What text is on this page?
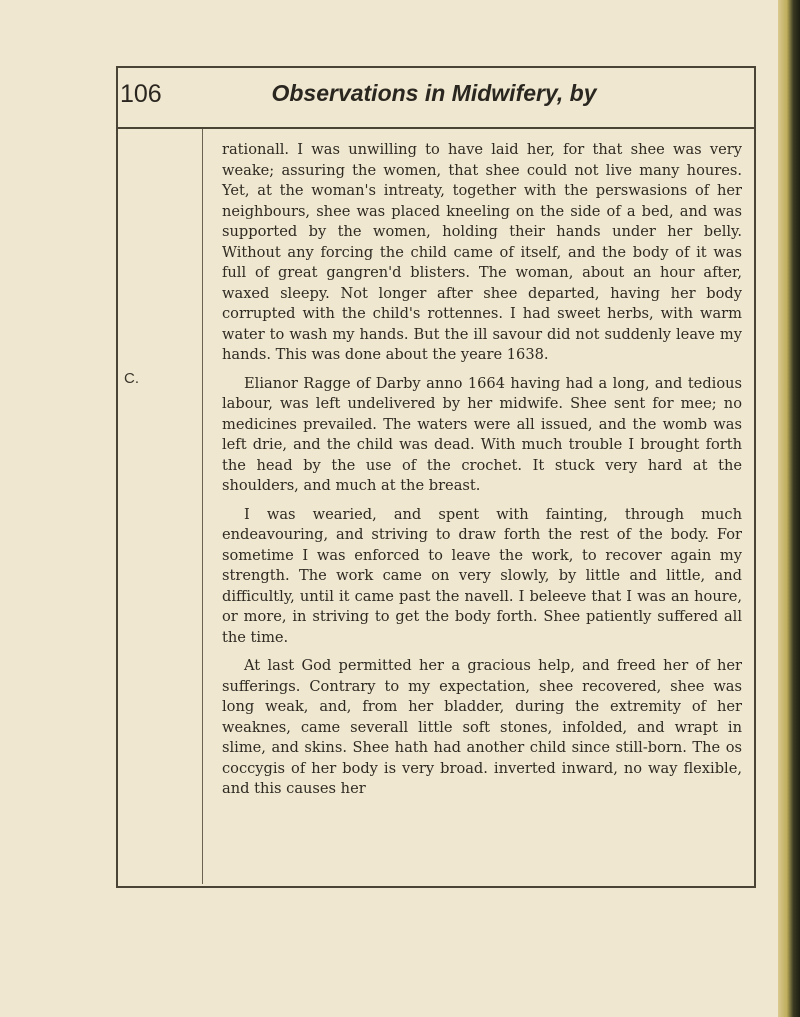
106	Observations in Midwifery, by
C.

rationall. I was unwilling to have laid her, for that shee was very weake; assuring the women, that shee could not live many houres. Yet, at the woman's intreaty, together with the perswasions of her neighbours, shee was placed kneeling on the side of a bed, and was supported by the women, holding their hands under her belly. Without any forcing the child came of itself, and the body of it was full of great gangren'd blisters. The woman, about an hour after, waxed sleepy. Not longer after shee departed, having her body corrupted with the child's rottennes. I had sweet herbs, with warm water to wash my hands. But the ill savour did not suddenly leave my hands. This was done about the yeare 1638.

Elianor Ragge of Darby anno 1664 having had a long, and tedious labour, was left undelivered by her midwife. Shee sent for mee; no medicines prevailed. The waters were all issued, and the womb was left drie, and the child was dead. With much trouble I brought forth the head by the use of the crochet. It stuck very hard at the shoulders, and much at the breast.

I was wearied, and spent with fainting, through much endeavouring, and striving to draw forth the rest of the body. For sometime I was enforced to leave the work, to recover again my strength. The work came on very slowly, by little and little, and difficultly, until it came past the navell. I beleeve that I was an houre, or more, in striving to get the body forth. Shee patiently suffered all the time.

At last God permitted her a gracious help, and freed her of her sufferings. Contrary to my expectation, shee recovered, shee was long weak, and, from her bladder, during the extremity of her weaknes, came severall little soft stones, infolded, and wrapt in slime, and skins. Shee hath had another child since still-born. The os coccygis of her body is very broad. inverted inward, no way flexible, and this causes her
